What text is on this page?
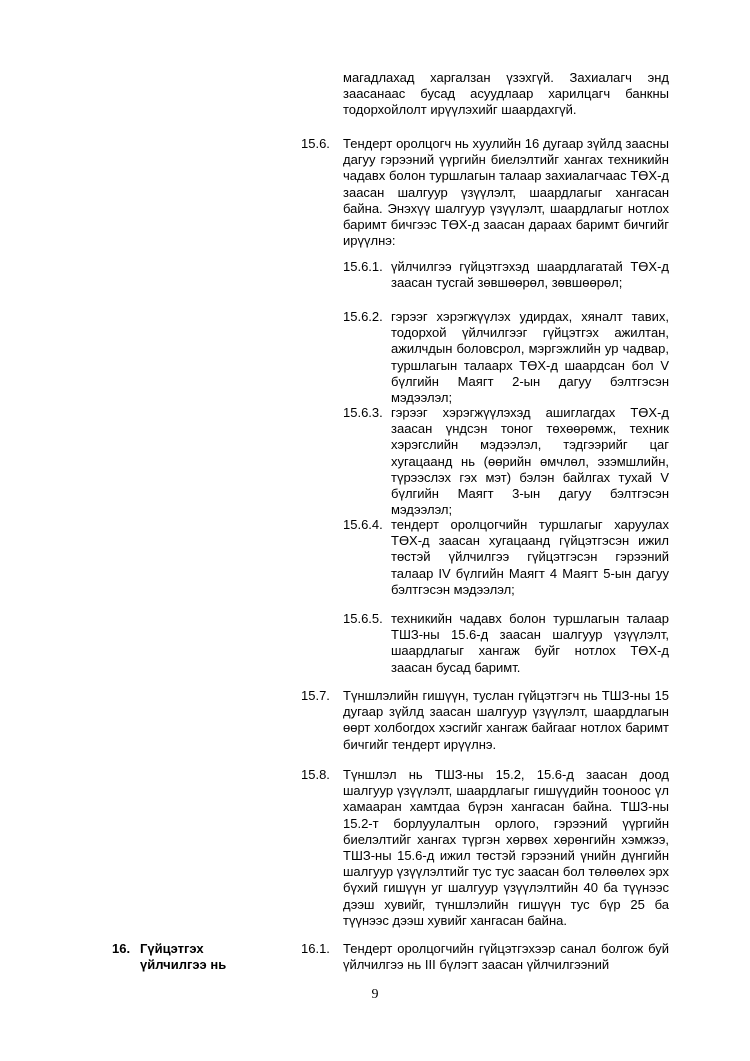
магадлахад харгалзан үзэхгүй. Захиалагч энд заасанаас бусад асуудлаар харилцагч банкны тодорхойлолт ирүүлэхийг шаардахгүй.
15.6. Тендерт оролцогч нь хуулийн 16 дугаар зүйлд заасны дагуу гэрээний үүргийн биелэлтийг хангах техникийн чадавх болон туршлагын талаар захиалагчаас ТӨХ-д заасан шалгуур үзүүлэлт, шаардлагыг хангасан байна. Энэхүү шалгуур үзүүлэлт, шаардлагыг нотлох баримт бичгээс ТӨХ-д заасан дараах баримт бичгийг ирүүлнэ:
15.6.1. үйлчилгээ гүйцэтгэхэд шаардлагатай ТӨХ-д заасан тусгай зөвшөөрөл, зөвшөөрөл;
15.6.2. гэрээг хэрэгжүүлэх удирдах, хяналт тавих, тодорхой үйлчилгээг гүйцэтгэх ажилтан, ажилчдын боловсрол, мэргэжлийн ур чадвар, туршлагын талаарх ТӨХ-д шаардсан бол V бүлгийн Маягт 2-ын дагуу бэлтгэсэн мэдээлэл;
15.6.3. гэрээг хэрэгжүүлэхэд ашиглагдах ТӨХ-д заасан үндсэн тоног төхөөрөмж, техник хэрэгслийн мэдээлэл, тэдгээрийг цаг хугацаанд нь (өөрийн өмчлөл, эзэмшлийн, түрээслэх гэх мэт) бэлэн байлгах тухай V бүлгийн Маягт 3-ын дагуу бэлтгэсэн мэдээлэл;
15.6.4. тендерт оролцогчийн туршлагыг харуулах ТӨХ-д заасан хугацаанд гүйцэтгэсэн ижил төстэй үйлчилгээ гүйцэтгэсэн гэрээний талаар IV бүлгийн Маягт 4 Маягт 5-ын дагуу бэлтгэсэн мэдээлэл;
15.6.5. техникийн чадавх болон туршлагын талаар ТШЗ-ны 15.6-д заасан шалгуур үзүүлэлт, шаардлагыг хангаж буйг нотлох ТӨХ-д заасан бусад баримт.
15.7. Түншлэлийн гишүүн, туслан гүйцэтгэгч нь ТШЗ-ны 15 дугаар зүйлд заасан шалгуур үзүүлэлт, шаардлагын өөрт холбогдох хэсгийг хангаж байгааг нотлох баримт бичгийг тендерт ирүүлнэ.
15.8. Түншлэл нь ТШЗ-ны 15.2, 15.6-д заасан доод шалгуур үзүүлэлт, шаардлагыг гишүүдийн тооноос үл хамааран хамтдаа бүрэн хангасан байна. ТШЗ-ны 15.2-т борлуулалтын орлого, гэрээний үүргийн биелэлтийг хангах түргэн хөрвөх хөрөнгийн хэмжээ, ТШЗ-ны 15.6-д ижил төстэй гэрээний үнийн дүнгийн шалгуур үзүүлэлтийг тус тус заасан бол төлөөлөх эрх бүхий гишүүн уг шалгуур үзүүлэлтийн 40 ба түүнээс дээш хувийг, түншлэлийн гишүүн тус бүр 25 ба түүнээс дээш хувийг хангасан байна.
16. Гүйцэтгэх
үйлчилгээ нь
16.1. Тендерт оролцогчийн гүйцэтгэхээр санал болгож буй үйлчилгээ нь III бүлэгт заасан үйлчилгээний
9
